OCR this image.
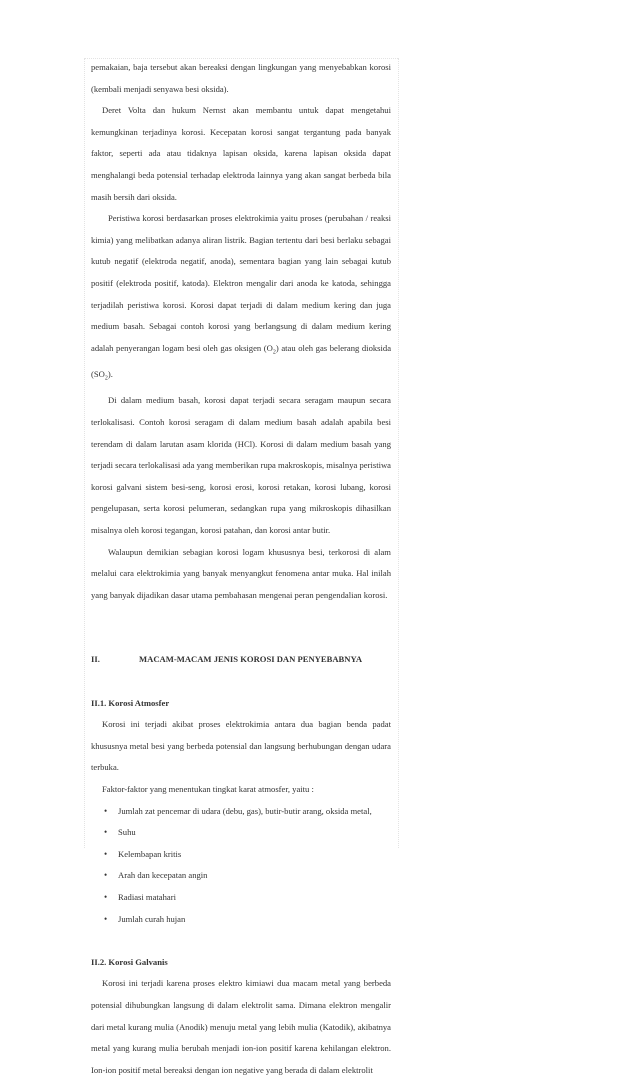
pemakaian, baja tersebut akan bereaksi dengan lingkungan yang menyebabkan korosi (kembali menjadi senyawa besi oksida).

Deret Volta dan hukum Nernst akan membantu untuk dapat mengetahui kemungkinan terjadinya korosi. Kecepatan korosi sangat tergantung pada banyak faktor, seperti ada atau tidaknya lapisan oksida, karena lapisan oksida dapat menghalangi beda potensial terhadap elektroda lainnya yang akan sangat berbeda bila masih bersih dari oksida.

Peristiwa korosi berdasarkan proses elektrokimia yaitu proses (perubahan / reaksi kimia) yang melibatkan adanya aliran listrik. Bagian tertentu dari besi berlaku sebagai kutub negatif (elektroda negatif, anoda), sementara bagian yang lain sebagai kutub positif (elektroda positif, katoda). Elektron mengalir dari anoda ke katoda, sehingga terjadilah peristiwa korosi. Korosi dapat terjadi di dalam medium kering dan juga medium basah. Sebagai contoh korosi yang berlangsung di dalam medium kering adalah penyerangan logam besi oleh gas oksigen $(O_2)$ atau oleh gas belerang dioksida $(SO_2)$.

Di dalam medium basah, korosi dapat terjadi secara seragam maupun secara terlokalisasi. Contoh korosi seragam di dalam medium basah adalah apabila besi terendam di dalam larutan asam klorida (HCl). Korosi di dalam medium basah yang terjadi secara terlokalisasi ada yang memberikan rupa makroskopis, misalnya peristiwa korosi galvani sistem besi-seng, korosi erosi, korosi retakan, korosi lubang, korosi pengelupasan, serta korosi pelumeran, sedangkan rupa yang mikroskopis dihasilkan misalnya oleh korosi tegangan, korosi patahan, dan korosi antar butir.

Walaupun demikian sebagian korosi logam khususnya besi, terkorosi di alam melalui cara elektrokimia yang banyak menyangkut fenomena antar muka. Hal inilah yang banyak dijadikan dasar utama pembahasan mengenai peran pengendalian korosi.

II.	MACAM-MACAM JENIS KOROSI DAN PENYEBABNYA

II.1. Korosi Atmosfer

Korosi ini terjadi akibat proses elektrokimia antara dua bagian benda padat khususnya metal besi yang berbeda potensial dan langsung berhubungan dengan udara terbuka.

Faktor-faktor yang menentukan tingkat karat atmosfer, yaitu :

• Jumlah zat pencemar di udara (debu, gas), butir-butir arang, oksida metal,
• Suhu
• Kelembapan kritis
• Arah dan kecepatan angin
• Radiasi matahari
• Jumlah curah hujan

II.2. Korosi Galvanis

Korosi ini terjadi karena proses elektro kimiawi dua macam metal yang berbeda potensial dihubungkan langsung di dalam elektrolit sama. Dimana elektron mengalir dari metal kurang mulia (Anodik) menuju metal yang lebih mulia (Katodik), akibatnya metal yang kurang mulia berubah menjadi ion-ion positif karena kehilangan elektron. Ion-ion positif metal bereaksi dengan ion negative yang berada di dalam elektrolit
